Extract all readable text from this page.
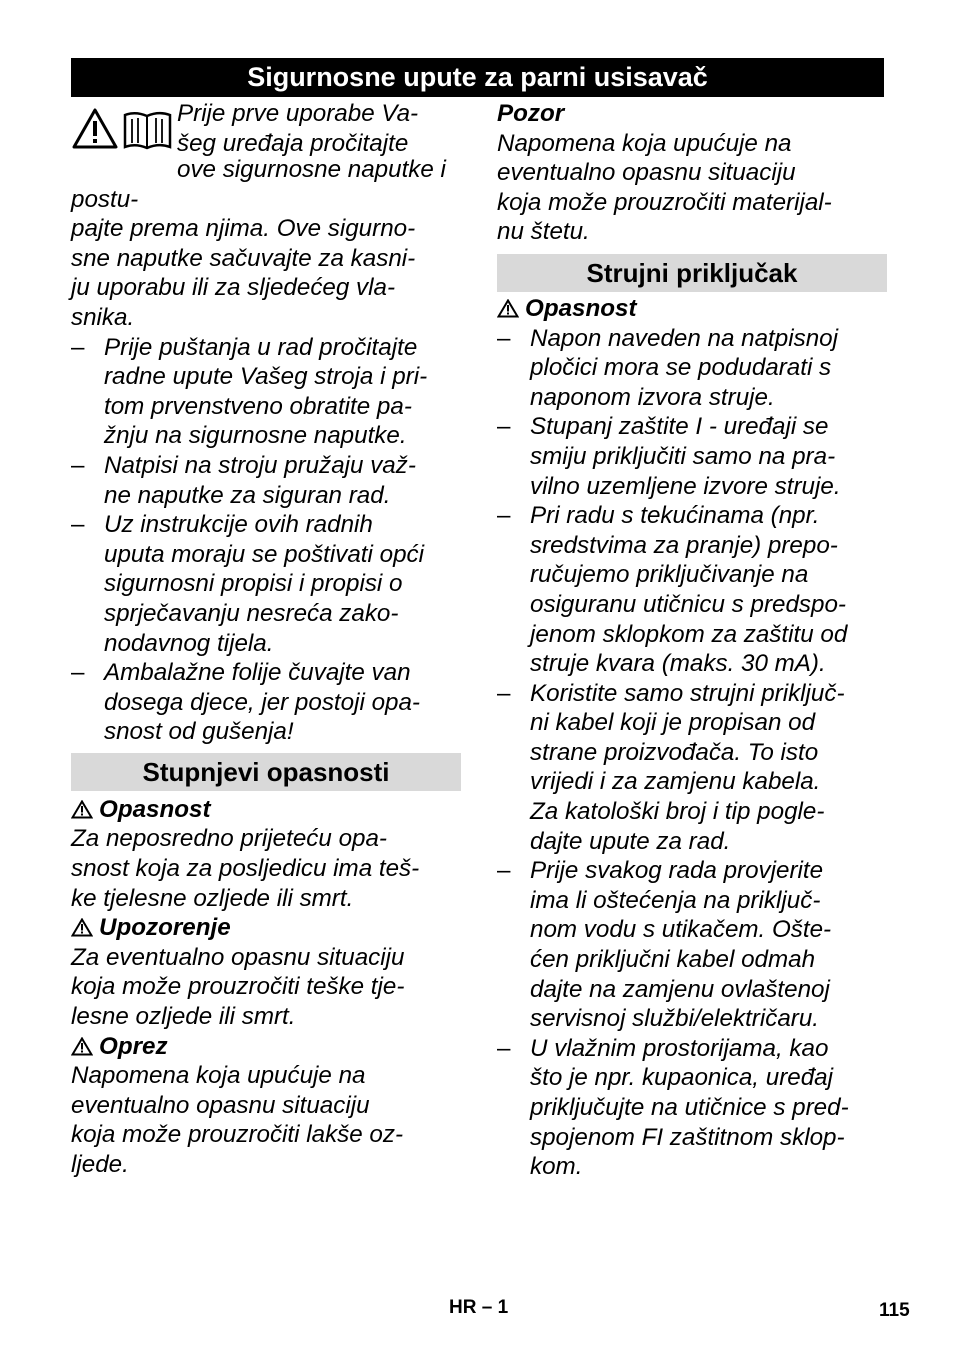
Sigurnosne upute za parni usisavač
Prije prve uporabe Va-
šeg uređaja pročitajte
ove sigurnosne naputke i postu-
pajte prema njima. Ove sigurno-
sne naputke sačuvajte za kasni-
ju uporabu ili za sljedećeg vla-
snika.
– Prije puštanja u rad pročitajte
radne upute Vašeg stroja i pri-
tom prvenstveno obratite pa-
žnju na sigurnosne naputke.
– Natpisi na stroju pružaju važ-
ne naputke za siguran rad.
– Uz instrukcije ovih radnih
uputa moraju se poštivati opći
sigurnosni propisi i propisi o
sprječavanju nesreća zako-
nodavnog tijela.
– Ambalažne folije čuvajte van
dosega djece, jer postoji opa-
snost od gušenja!
Stupnjevi opasnosti
Opasnost
Za neposredno prijeteću opa-
snost koja za posljedicu ima teš-
ke tjelesne ozljede ili smrt.
Upozorenje
Za eventualno opasnu situaciju
koja može prouzročiti teške tje-
lesne ozljede ili smrt.
Oprez
Napomena koja upućuje na
eventualno opasnu situaciju
koja može prouzročiti lakše oz-
ljede.
Pozor
Napomena koja upućuje na
eventualno opasnu situaciju
koja može prouzročiti materijal-
nu štetu.
Strujni priključak
Opasnost
– Napon naveden na natpisnoj
pločici mora se podudarati s
naponom izvora struje.
– Stupanj zaštite I - uređaji se
smiju priključiti samo na pra-
vilno uzemljene izvore struje.
– Pri radu s tekućinama (npr.
sredstvima za pranje) prepo-
ručujemo priključivanje na
osiguranu utičnicu s predspo-
jenom sklopkom za zaštitu od
struje kvara (maks. 30 mA).
– Koristite samo strujni priključ-
ni kabel koji je propisan od
strane proizvođača. To isto
vrijedi i za zamjenu kabela.
Za katološki broj i tip pogle-
dajte upute za rad.
– Prije svakog rada provjerite
ima li oštećenja na priključ-
nom vodu s utikačem. Ošte-
ćen priključni kabel odmah
dajte na zamjenu ovlaštenoj
servisnoj službi/električaru.
– U vlažnim prostorijama, kao
što je npr. kupaonica, uređaj
priključujte na utičnice s pred-
spojenom FI zaštitnom sklop-
kom.
HR – 1	115
